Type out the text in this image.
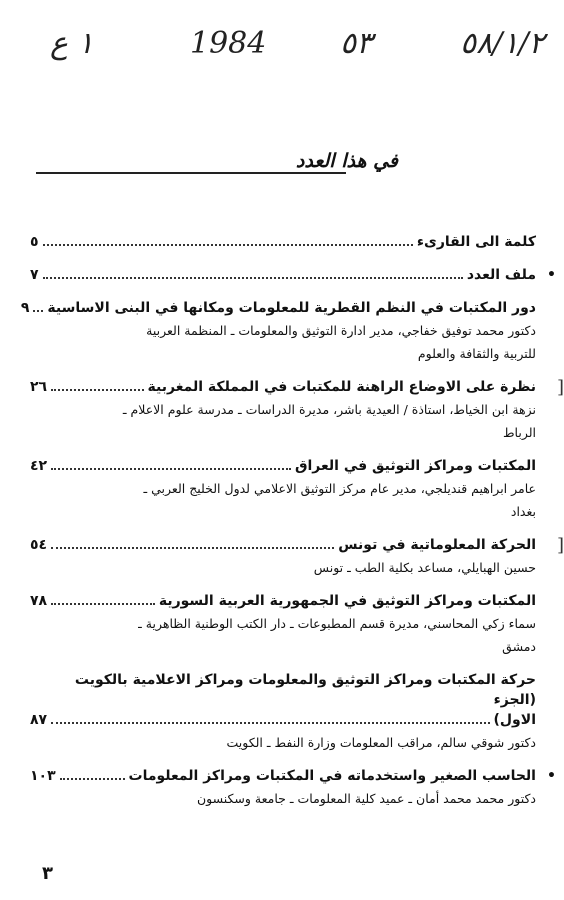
٥٨/١/٢
٥٣
1984
١ ع
في هذا العدد
كلمة الى القارىء
٥
•
ملف العدد
٧
دور المكتبات في النظم القطرية للمعلومات ومكانها في البنى الاساسية
٩
دكتور محمد توفيق خفاجي، مدير ادارة التوثيق والمعلومات ـ المنظمة العربية
للتربية والثقافة والعلوم
[
نظرة على الاوضاع الراهنة للمكتبات في المملكة المغربية
٢٦
نزهة ابن الخياط، استاذة / العيدية باشر، مديرة الدراسات ـ مدرسة علوم الاعلام ـ
الرباط
المكتبات ومراكز التوثيق في العراق
٤٢
عامر ابراهيم قنديلجي، مدير عام مركز التوثيق الاعلامي لدول الخليج العربي ـ
بغداد
[
الحركة المعلوماتية في تونس
٥٤
حسين الهبايلي، مساعد بكلية الطب ـ تونس
المكتبات ومراكز التوثيق في الجمهورية العربية السورية
٧٨
سماء زكي المحاسني، مديرة قسم المطبوعات ـ دار الكتب الوطنية الظاهرية ـ
دمشق
حركة المكتبات ومراكز التوثيق والمعلومات ومراكز الاعلامية بالكويت (الجزء
الاول)
٨٧
دكتور شوقي سالم، مراقب المعلومات وزارة النفط ـ الكويت
•
الحاسب الصغير واستخدماته في المكتبات ومراكز المعلومات
١٠٣
دكتور محمد محمد أمان ـ عميد كلية المعلومات ـ جامعة وسكنسون
٣
